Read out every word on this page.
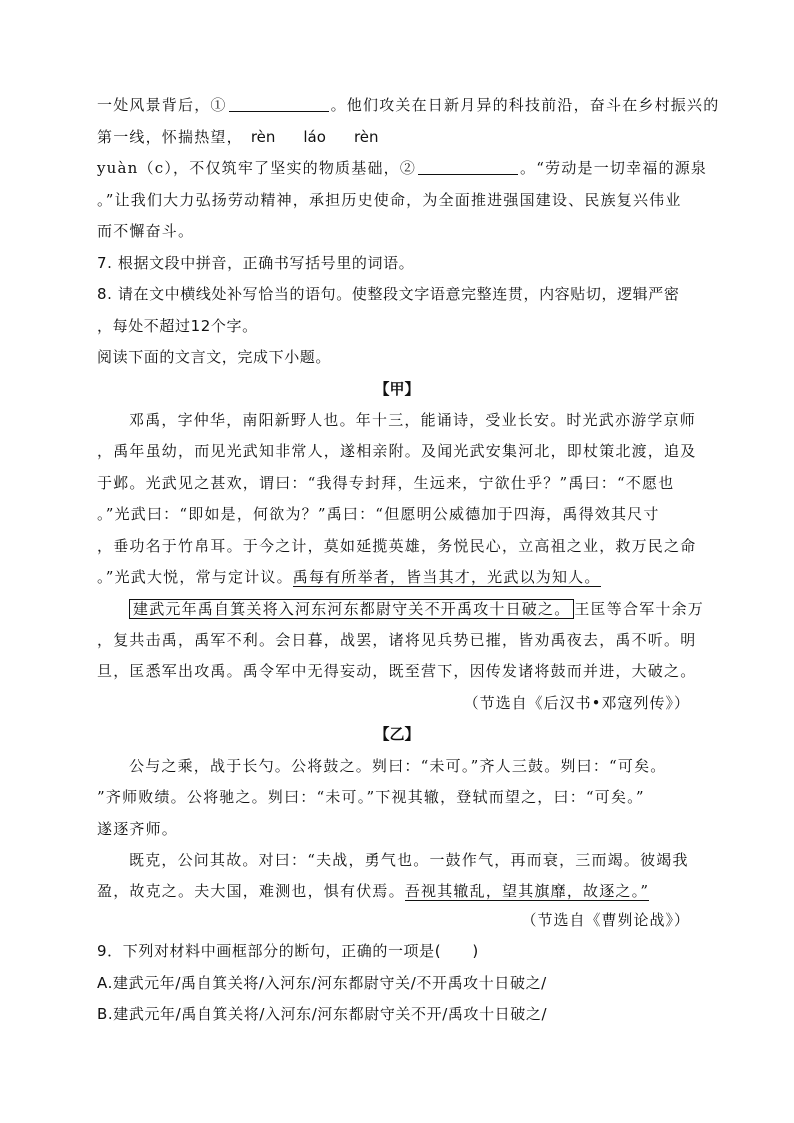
一处风景背后，①	。他们攻关在日新月异的科技前沿，奋斗在乡村振兴的
第一线，怀揣热望， rèn láo rèn
yuàn（c），不仅筑牢了坚实的物质基础，②	。“劳动是一切幸福的源泉
。”让我们大力弘扬劳动精神，承担历史使命，为全面推进强国建设、民族复兴伟业
而不懈奋斗。
7. 根据文段中拼音，正确书写括号里的词语。
8. 请在文中横线处补写恰当的语句。使整段文字语意完整连贯，内容贴切，逻辑严密
，每处不超过12个字。
阅读下面的文言文，完成下小题。
【甲】
邓禹，字仲华，南阳新野人也。年十三，能诵诗，受业长安。时光武亦游学京师
，禹年虽幼，而见光武知非常人，遂相亲附。及闻光武安集河北，即杖策北渡，追及
于邺。光武见之甚欢，谓曰：“我得专封拜，生远来，宁欲仕乎？”禹曰：“不愿也
。”光武曰：“即如是，何欲为？”禹曰：“但愿明公威德加于四海，禹得效其尺寸
，垂功名于竹帛耳。于今之计，莫如延揽英雄，务悦民心，立高祖之业，救万民之命
。”光武大悦，常与定计议。禹每有所举者，皆当其才，光武以为知人。
建武元年禹自箕关将入河东河东都尉守关不开禹攻十日破之。 王匡等合军十余万
，复共击禹，禹军不利。会日暮，战罢，诸将见兵势已摧，皆劝禹夜去，禹不听。明
旦，匡悉军出攻禹。禹令军中无得妄动，既至营下，因传发诸将鼓而并进，大破之。
（节选自《后汉书•邓寇列传》）
【乙】
公与之乘，战于长勺。公将鼓之。刿曰：“未可。”齐人三鼓。刿曰：“可矣。
”齐师败绩。公将驰之。刿曰：“未可。”下视其辙，登轼而望之，曰：“可矣。”
遂逐齐师。
既克，公问其故。对曰：“夫战，勇气也。一鼓作气，再而衰，三而竭。彼竭我
盈，故克之。夫大国，难测也，惧有伏焉。吾视其辙乱，望其旗靡，故逐之。”
（节选自《曹刿论战》）
9．下列对材料中画框部分的断句，正确的一项是(　　)
A.建武元年/禹自箕关将/入河东/河东都尉守关/不开禹攻十日破之/
B.建武元年/禹自箕关将/入河东/河东都尉守关不开/禹攻十日破之/
